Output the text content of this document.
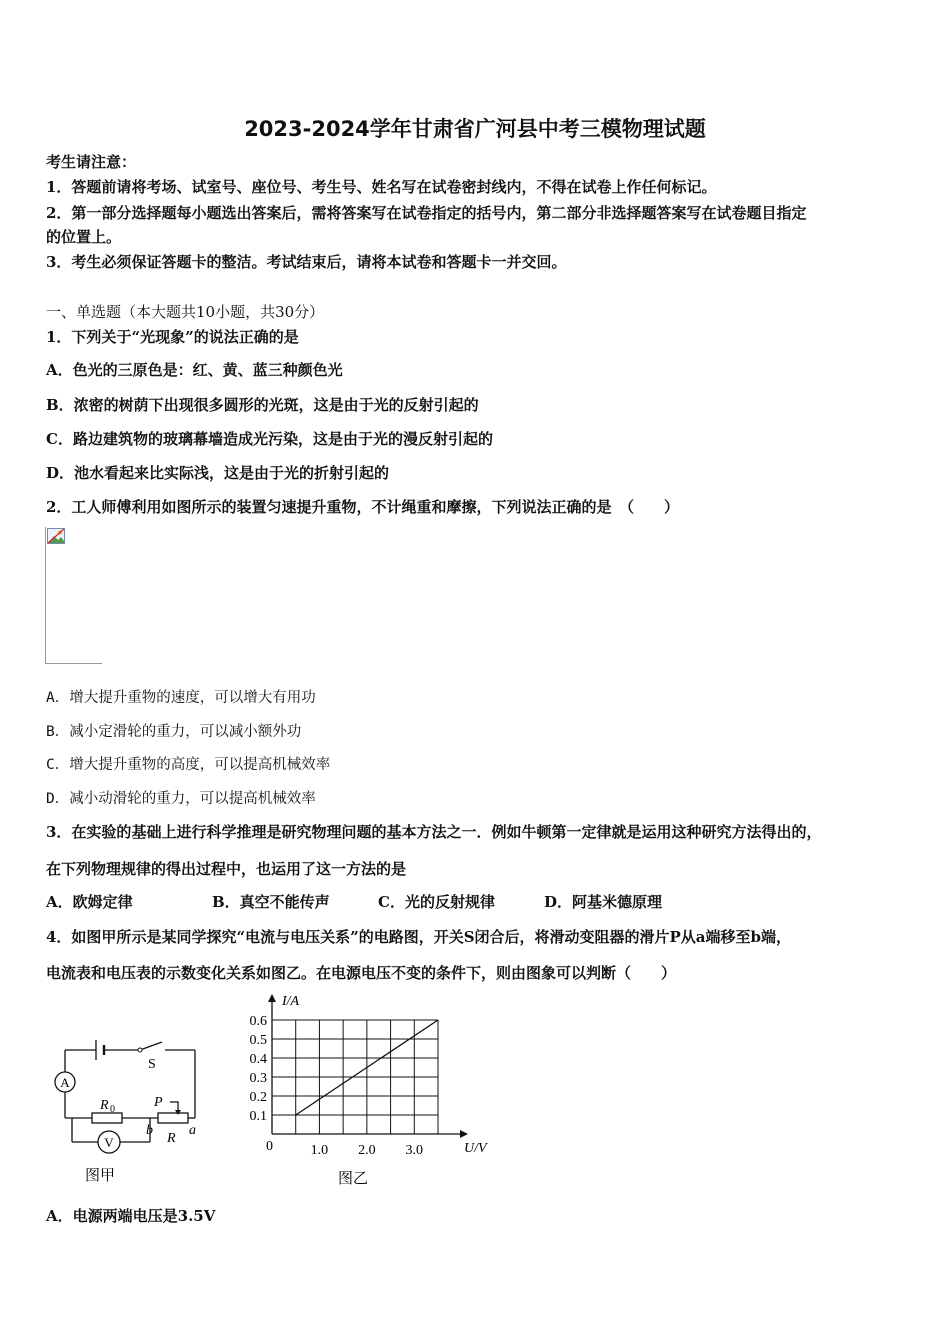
2023-2024学年甘肃省广河县中考三模物理试题
考生请注意：
1．答题前请将考场、试室号、座位号、考生号、姓名写在试卷密封线内，不得在试卷上作任何标记。
2．第一部分选择题每小题选出答案后，需将答案写在试卷指定的括号内，第二部分非选择题答案写在试卷题目指定
的位置上。
3．考生必须保证答题卡的整洁。考试结束后，请将本试卷和答题卡一并交回。
一、单选题（本大题共10小题，共30分）
1．下列关于“光现象”的说法正确的是
A．色光的三原色是：红、黄、蓝三种颜色光
B．浓密的树荫下出现很多圆形的光斑，这是由于光的反射引起的
C．路边建筑物的玻璃幕墙造成光污染，这是由于光的漫反射引起的
D．池水看起来比实际浅，这是由于光的折射引起的
2．工人师傅利用如图所示的装置匀速提升重物，不计绳重和摩擦，下列说法正确的是　（　　）
A．增大提升重物的速度，可以增大有用功
B．减小定滑轮的重力，可以减小额外功
C．增大提升重物的高度，可以提高机械效率
D．减小动滑轮的重力，可以提高机械效率
3．在实验的基础上进行科学推理是研究物理问题的基本方法之一．例如牛顿第一定律就是运用这种研究方法得出的，
在下列物理规律的得出过程中，也运用了这一方法的是
A．欧姆定律	B．真空不能传声	C．光的反射规律	D．阿基米德原理
4．如图甲所示是某同学探究“电流与电压关系”的电路图，开关S闭合后，将滑动变阻器的滑片P从a端移至b端，
电流表和电压表的示数变化关系如图乙。在电源电压不变的条件下，则由图象可以判断（　　）
A
V
S
R 0	P
b
R
a
图甲
0.1
0.2
0.3
0.4
0.5
0.6
1.0 2.0 3.0
I/A
U/V
0
图乙
A．电源两端电压是3.5V
